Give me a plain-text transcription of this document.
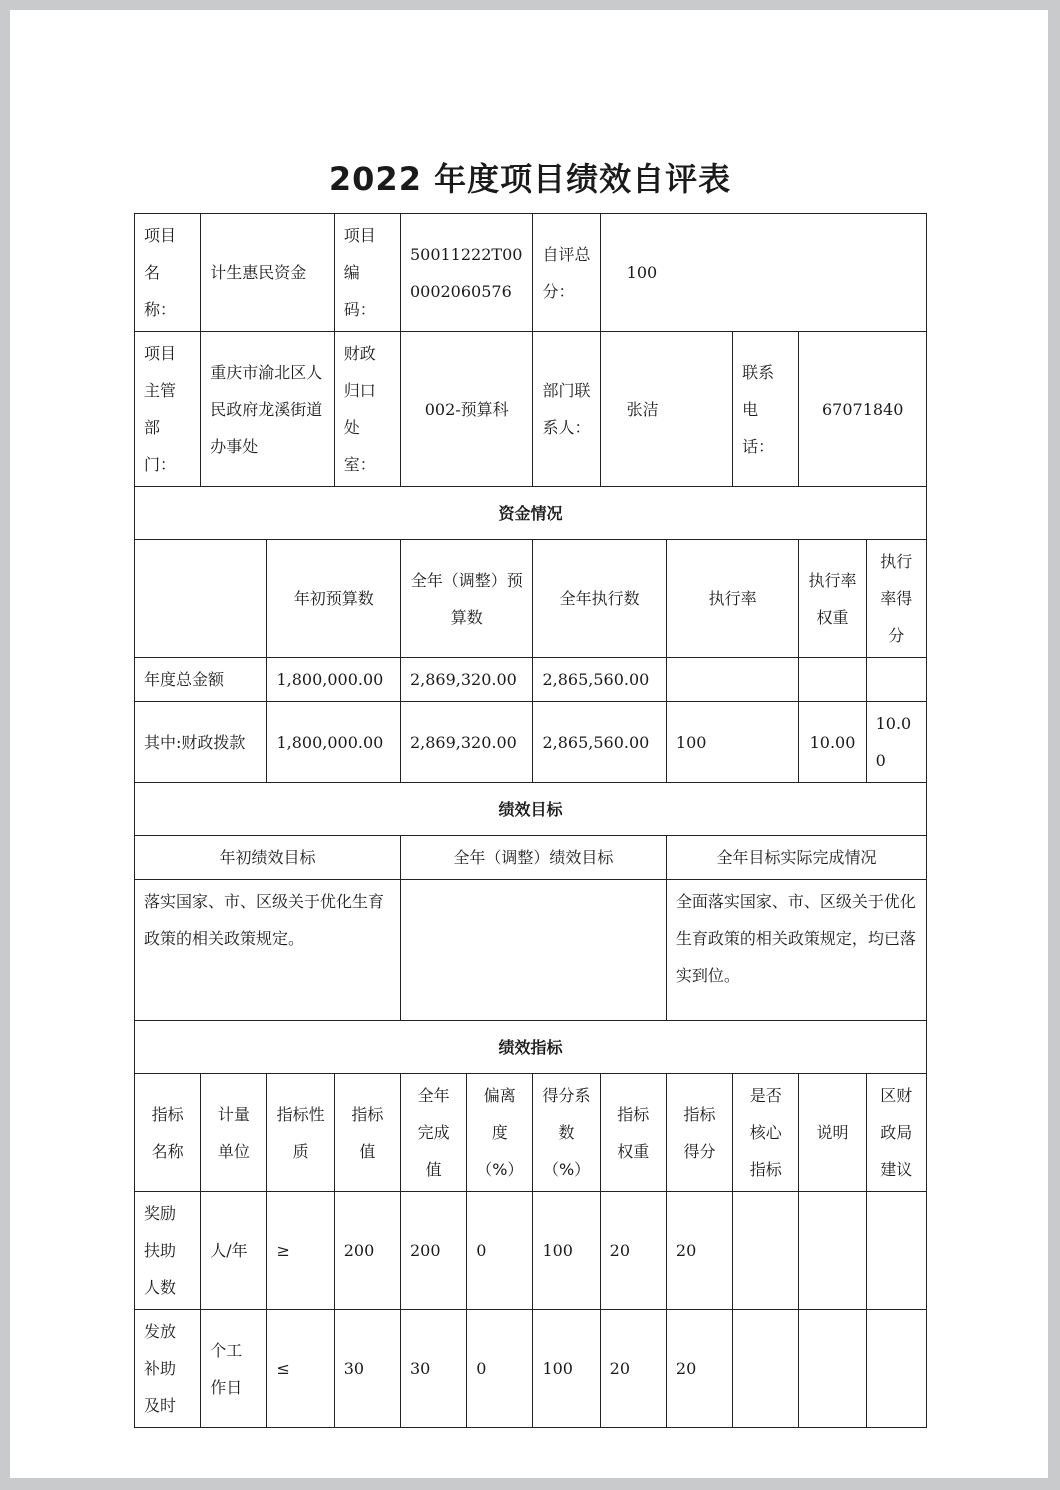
2022 年度项目绩效自评表
项目名称：	计生惠民资金		项目编码：	50011222T000002060576		自评总分：	100				
项目主管部门：	重庆市渝北区人民政府龙溪街道办事处		财政归口处室：	002-预算科		部门联系人：	张洁		联系电话：	67071840	
资金情况											
		年初预算数		全年（调整）预算数		全年执行数		执行率		执行率权重	执行率得分
年度总金额		1,800,000.00		2,869,320.00		2,865,560.00					
其中:财政拨款		1,800,000.00		2,869,320.00		2,865,560.00		100		10.00	10.00
绩效目标											
年初绩效目标				全年（调整）绩效目标				全年目标实际完成情况			
落实国家、市、区级关于优化生育政策的相关政策规定。								全面落实国家、市、区级关于优化生育政策的相关政策规定，均已落实到位。			
绩效指标											
指标名称	计量单位	指标性质	指标值	全年完成值	偏离度（%）	得分系数（%）	指标权重	指标得分	是否核心指标	说明	区财政局建议
奖励扶助人数	人/年	≥	200	200	0	100	20	20			
发放补助及时	个工作日	≤	30	30	0	100	20	20			
